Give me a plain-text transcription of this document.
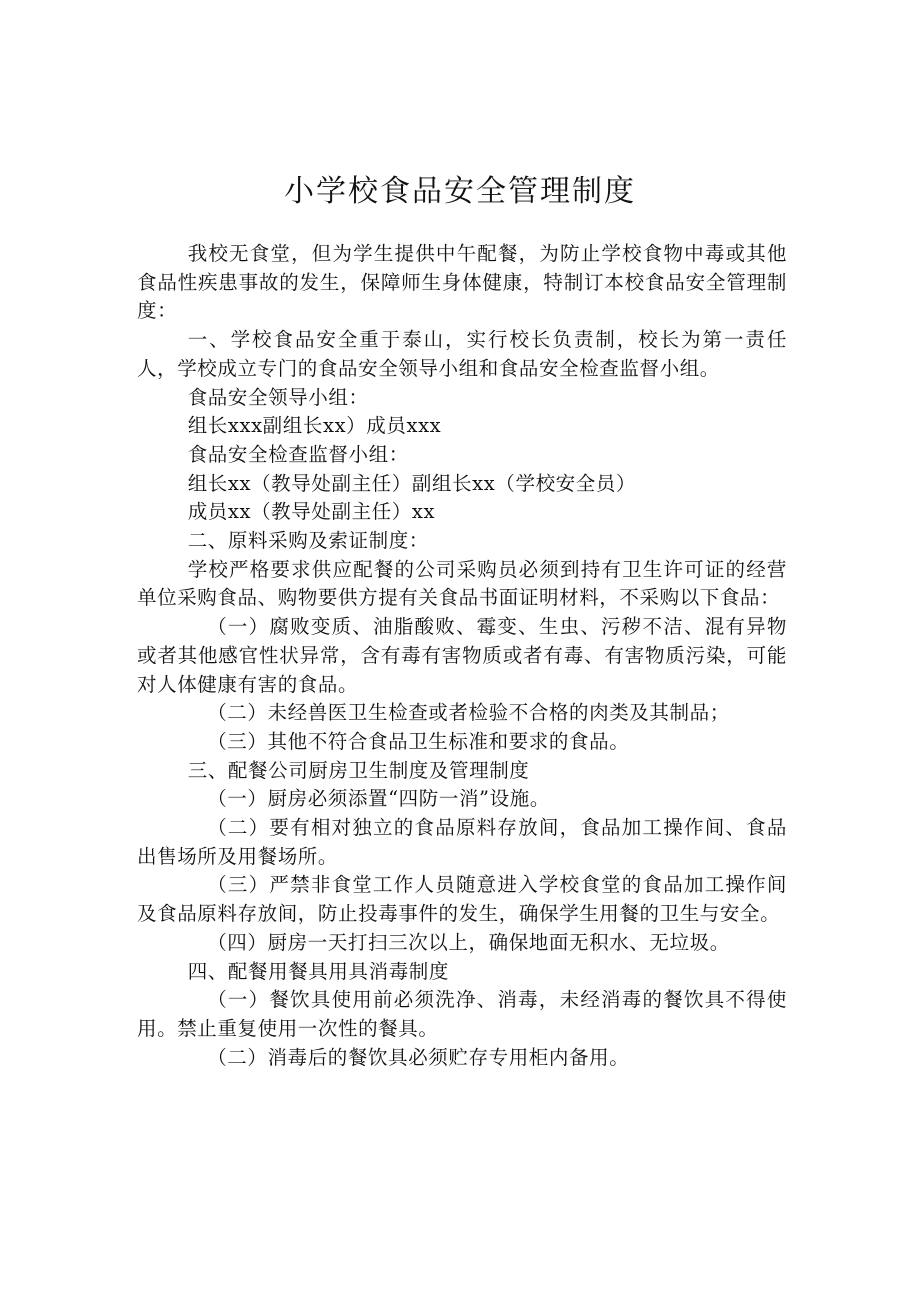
小学校食品安全管理制度

我校无食堂，但为学生提供中午配餐，为防止学校食物中毒或其他食品性疾患事故的发生，保障师生身体健康，特制订本校食品安全管理制度：

一、学校食品安全重于泰山，实行校长负责制，校长为第一责任人，学校成立专门的食品安全领导小组和食品安全检查监督小组。

食品安全领导小组：

组长xxx副组长xx）成员xxx

食品安全检查监督小组：

组长xx（教导处副主任）副组长xx（学校安全员）

成员xx（教导处副主任）xx

二、原料采购及索证制度：

学校严格要求供应配餐的公司采购员必须到持有卫生许可证的经营单位采购食品、购物要供方提有关食品书面证明材料，不采购以下食品：

（一）腐败变质、油脂酸败、霉变、生虫、污秽不洁、混有异物或者其他感官性状异常，含有毒有害物质或者有毒、有害物质污染，可能对人体健康有害的食品。

（二）未经兽医卫生检查或者检验不合格的肉类及其制品；

（三）其他不符合食品卫生标准和要求的食品。

三、配餐公司厨房卫生制度及管理制度

（一）厨房必须添置“四防一消”设施。

（二）要有相对独立的食品原料存放间，食品加工操作间、食品出售场所及用餐场所。

（三）严禁非食堂工作人员随意进入学校食堂的食品加工操作间及食品原料存放间，防止投毒事件的发生，确保学生用餐的卫生与安全。

（四）厨房一天打扫三次以上，确保地面无积水、无垃圾。

四、配餐用餐具用具消毒制度

（一）餐饮具使用前必须洗净、消毒，未经消毒的餐饮具不得使用。禁止重复使用一次性的餐具。

（二）消毒后的餐饮具必须贮存专用柜内备用。
